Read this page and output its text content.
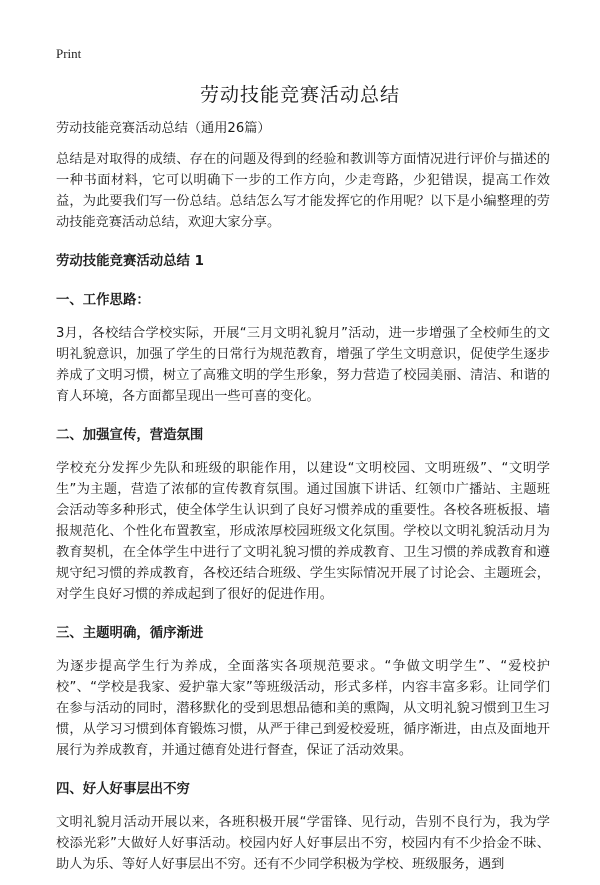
Print
劳动技能竞赛活动总结

劳动技能竞赛活动总结（通用26篇）

总结是对取得的成绩、存在的问题及得到的经验和教训等方面情况进行评价与描述的一种书面材料，它可以明确下一步的工作方向，少走弯路，少犯错误，提高工作效益，为此要我们写一份总结。总结怎么写才能发挥它的作用呢？以下是小编整理的劳动技能竞赛活动总结，欢迎大家分享。

劳动技能竞赛活动总结 1
一、工作思路：

3月，各校结合学校实际，开展“三月文明礼貌月”活动，进一步增强了全校师生的文明礼貌意识，加强了学生的日常行为规范教育，增强了学生文明意识，促使学生逐步养成了文明习惯，树立了高雅文明的学生形象，努力营造了校园美丽、清洁、和谐的育人环境，各方面都呈现出一些可喜的变化。

二、加强宣传，营造氛围

学校充分发挥少先队和班级的职能作用，以建设“文明校园、文明班级”、“文明学生”为主题，营造了浓郁的宣传教育氛围。通过国旗下讲话、红领巾广播站、主题班会活动等多种形式，使全体学生认识到了良好习惯养成的重要性。各校各班板报、墙报规范化、个性化布置教室，形成浓厚校园班级文化氛围。学校以文明礼貌活动月为教育契机，在全体学生中进行了文明礼貌习惯的养成教育、卫生习惯的养成教育和遵规守纪习惯的养成教育，各校还结合班级、学生实际情况开展了讨论会、主题班会，对学生良好习惯的养成起到了很好的促进作用。

三、主题明确，循序渐进

为逐步提高学生行为养成，全面落实各项规范要求。“争做文明学生”、“爱校护校”、“学校是我家、爱护靠大家”等班级活动，形式多样，内容丰富多彩。让同学们在参与活动的同时，潜移默化的受到思想品德和美的熏陶，从文明礼貌习惯到卫生习惯，从学习习惯到体育锻炼习惯，从严于律己到爱校爱班，循序渐进，由点及面地开展行为养成教育，并通过德育处进行督查，保证了活动效果。

四、好人好事层出不穷

文明礼貌月活动开展以来，各班积极开展“学雷锋、见行动，告别不良行为，我为学校添光彩”大做好人好事活动。校园内好人好事层出不穷，校园内有不少拾金不昧、助人为乐、等好人好事层出不穷。还有不少同学积极为学校、班级服务，遇到
